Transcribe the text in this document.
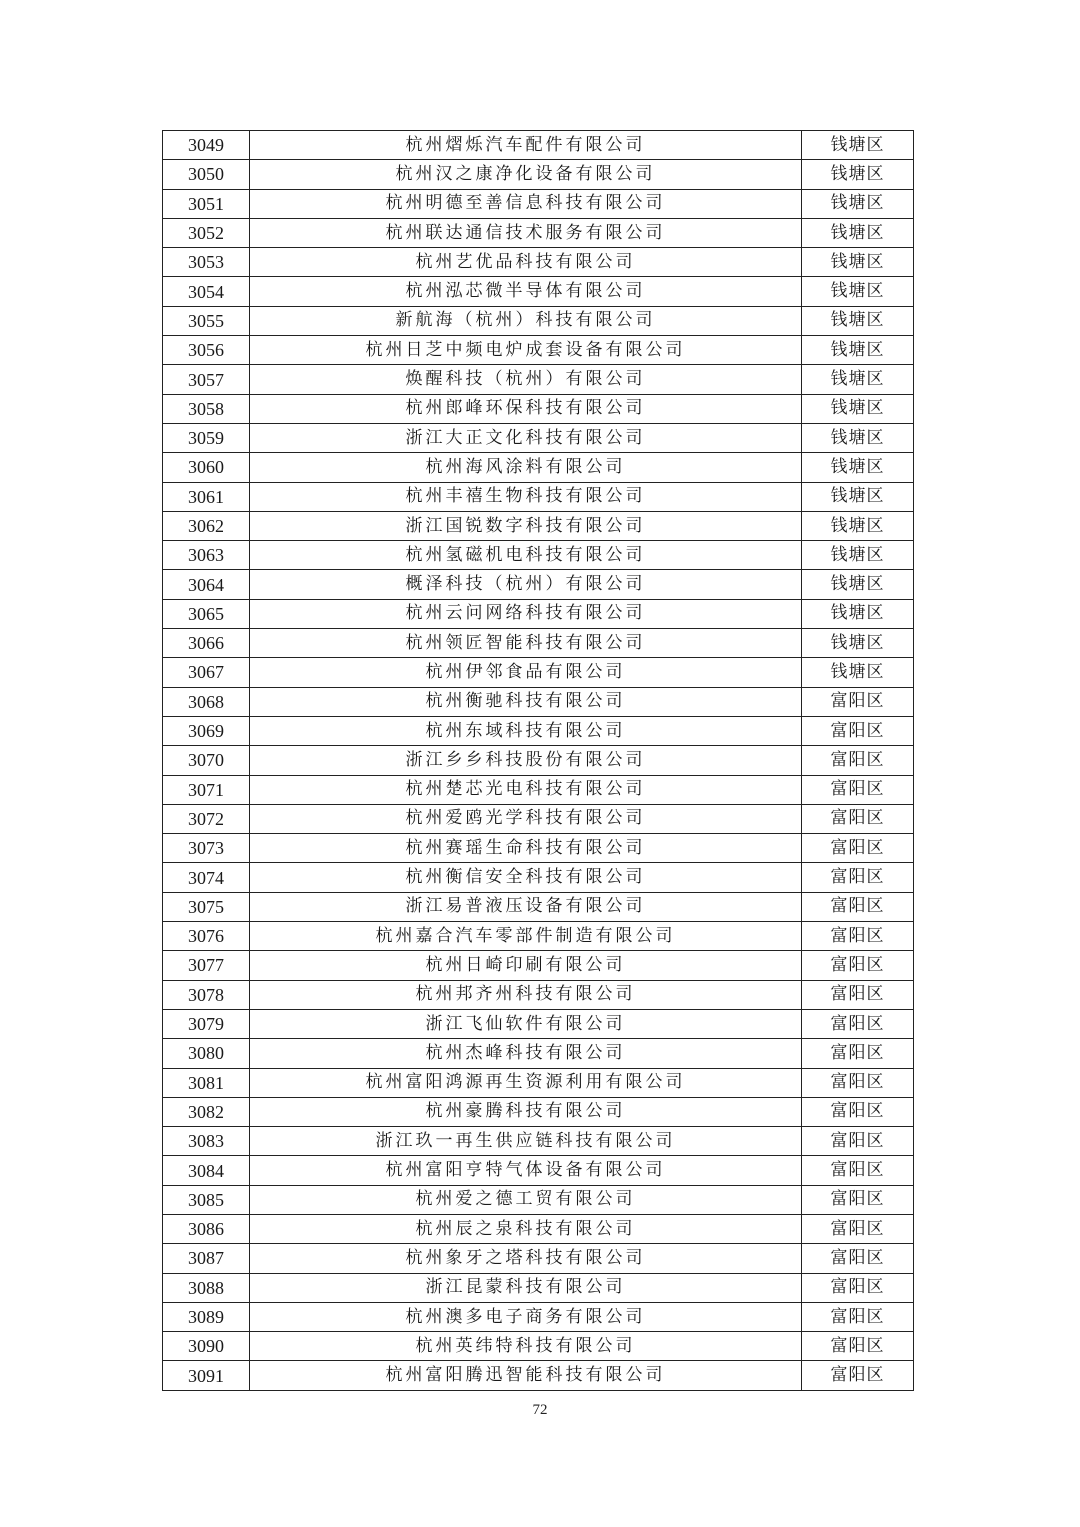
3049	杭州熠烁汽车配件有限公司	钱塘区
3050	杭州汉之康净化设备有限公司	钱塘区
3051	杭州明德至善信息科技有限公司	钱塘区
3052	杭州联达通信技术服务有限公司	钱塘区
3053	杭州艺优品科技有限公司	钱塘区
3054	杭州泓芯微半导体有限公司	钱塘区
3055	新航海（杭州）科技有限公司	钱塘区
3056	杭州日芝中频电炉成套设备有限公司	钱塘区
3057	焕醒科技（杭州）有限公司	钱塘区
3058	杭州郎峰环保科技有限公司	钱塘区
3059	浙江大正文化科技有限公司	钱塘区
3060	杭州海风涂料有限公司	钱塘区
3061	杭州丰禧生物科技有限公司	钱塘区
3062	浙江国锐数字科技有限公司	钱塘区
3063	杭州氢磁机电科技有限公司	钱塘区
3064	概泽科技（杭州）有限公司	钱塘区
3065	杭州云问网络科技有限公司	钱塘区
3066	杭州领匠智能科技有限公司	钱塘区
3067	杭州伊邻食品有限公司	钱塘区
3068	杭州衡驰科技有限公司	富阳区
3069	杭州东域科技有限公司	富阳区
3070	浙江乡乡科技股份有限公司	富阳区
3071	杭州楚芯光电科技有限公司	富阳区
3072	杭州爱鸥光学科技有限公司	富阳区
3073	杭州赛瑶生命科技有限公司	富阳区
3074	杭州衡信安全科技有限公司	富阳区
3075	浙江易普液压设备有限公司	富阳区
3076	杭州嘉合汽车零部件制造有限公司	富阳区
3077	杭州日崎印刷有限公司	富阳区
3078	杭州邦齐州科技有限公司	富阳区
3079	浙江飞仙软件有限公司	富阳区
3080	杭州杰峰科技有限公司	富阳区
3081	杭州富阳鸿源再生资源利用有限公司	富阳区
3082	杭州豪腾科技有限公司	富阳区
3083	浙江玖一再生供应链科技有限公司	富阳区
3084	杭州富阳亨特气体设备有限公司	富阳区
3085	杭州爱之德工贸有限公司	富阳区
3086	杭州辰之泉科技有限公司	富阳区
3087	杭州象牙之塔科技有限公司	富阳区
3088	浙江昆蒙科技有限公司	富阳区
3089	杭州澳多电子商务有限公司	富阳区
3090	杭州英纬特科技有限公司	富阳区
3091	杭州富阳腾迅智能科技有限公司	富阳区
72
